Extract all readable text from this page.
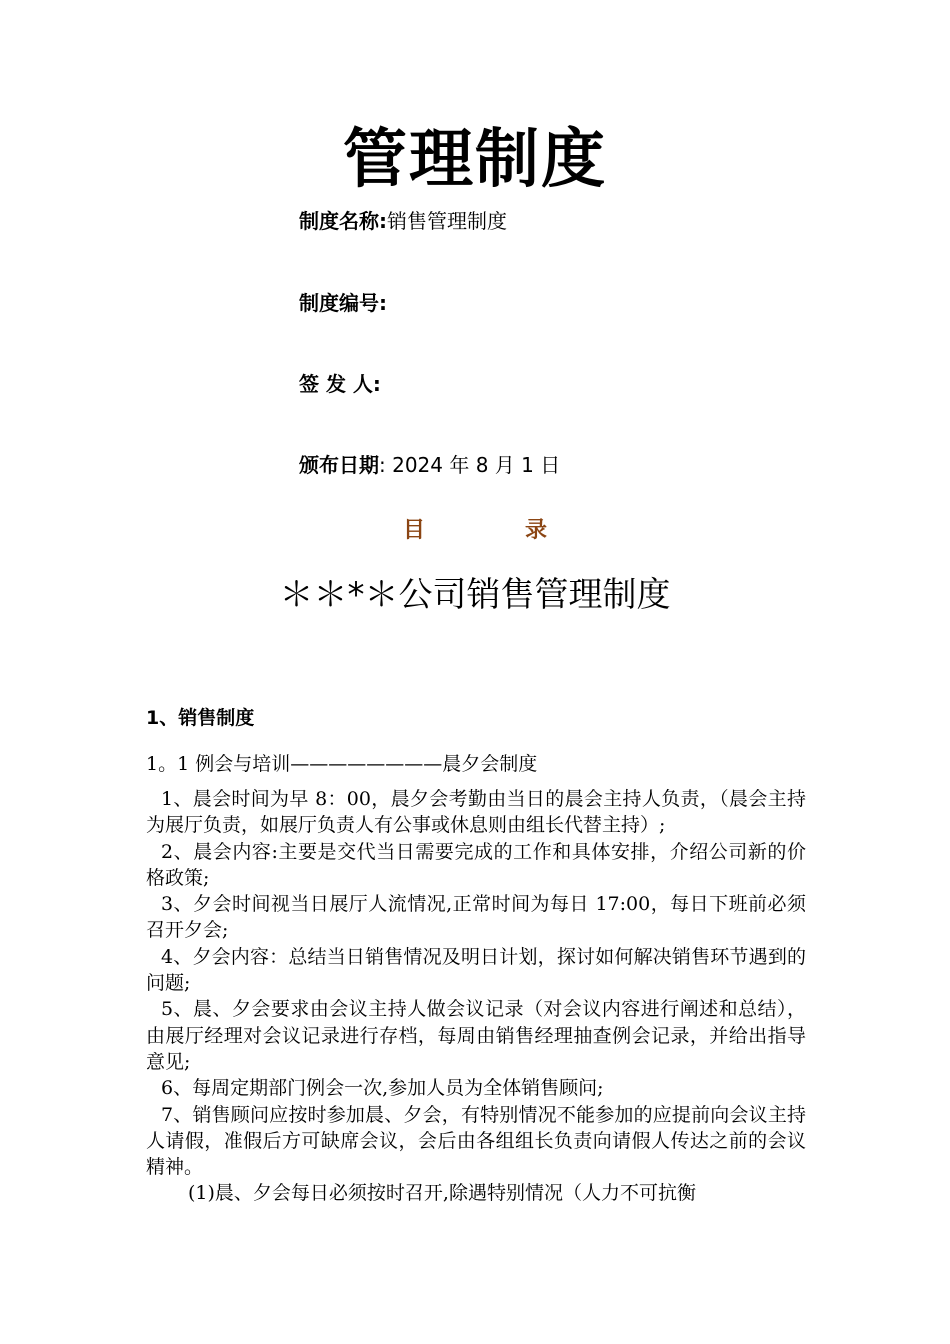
管理制度
制度名称:销售管理制度
制度编号:
签 发 人:
颁布日期: 2024 年 8 月 1 日
目	录
＊＊*＊公司销售管理制度
1、销售制度
1。1 例会与培训————————晨夕会制度

1、晨会时间为早 8：00，晨夕会考勤由当日的晨会主持人负责，（晨会主持为展厅负责，如展厅负责人有公事或休息则由组长代替主持）;

2、晨会内容:主要是交代当日需要完成的工作和具体安排，介绍公司新的价格政策;

3、夕会时间视当日展厅人流情况,正常时间为每日 17:00，每日下班前必须召开夕会;

4、夕会内容：总结当日销售情况及明日计划，探讨如何解决销售环节遇到的问题;

5、晨、夕会要求由会议主持人做会议记录（对会议内容进行阐述和总结），由展厅经理对会议记录进行存档，每周由销售经理抽查例会记录，并给出指导意见;

6、每周定期部门例会一次,参加人员为全体销售顾问;

7、销售顾问应按时参加晨、夕会，有特别情况不能参加的应提前向会议主持人请假，准假后方可缺席会议，会后由各组组长负责向请假人传达之前的会议精神。

(1)晨、夕会每日必须按时召开,除遇特别情况（人力不可抗衡
